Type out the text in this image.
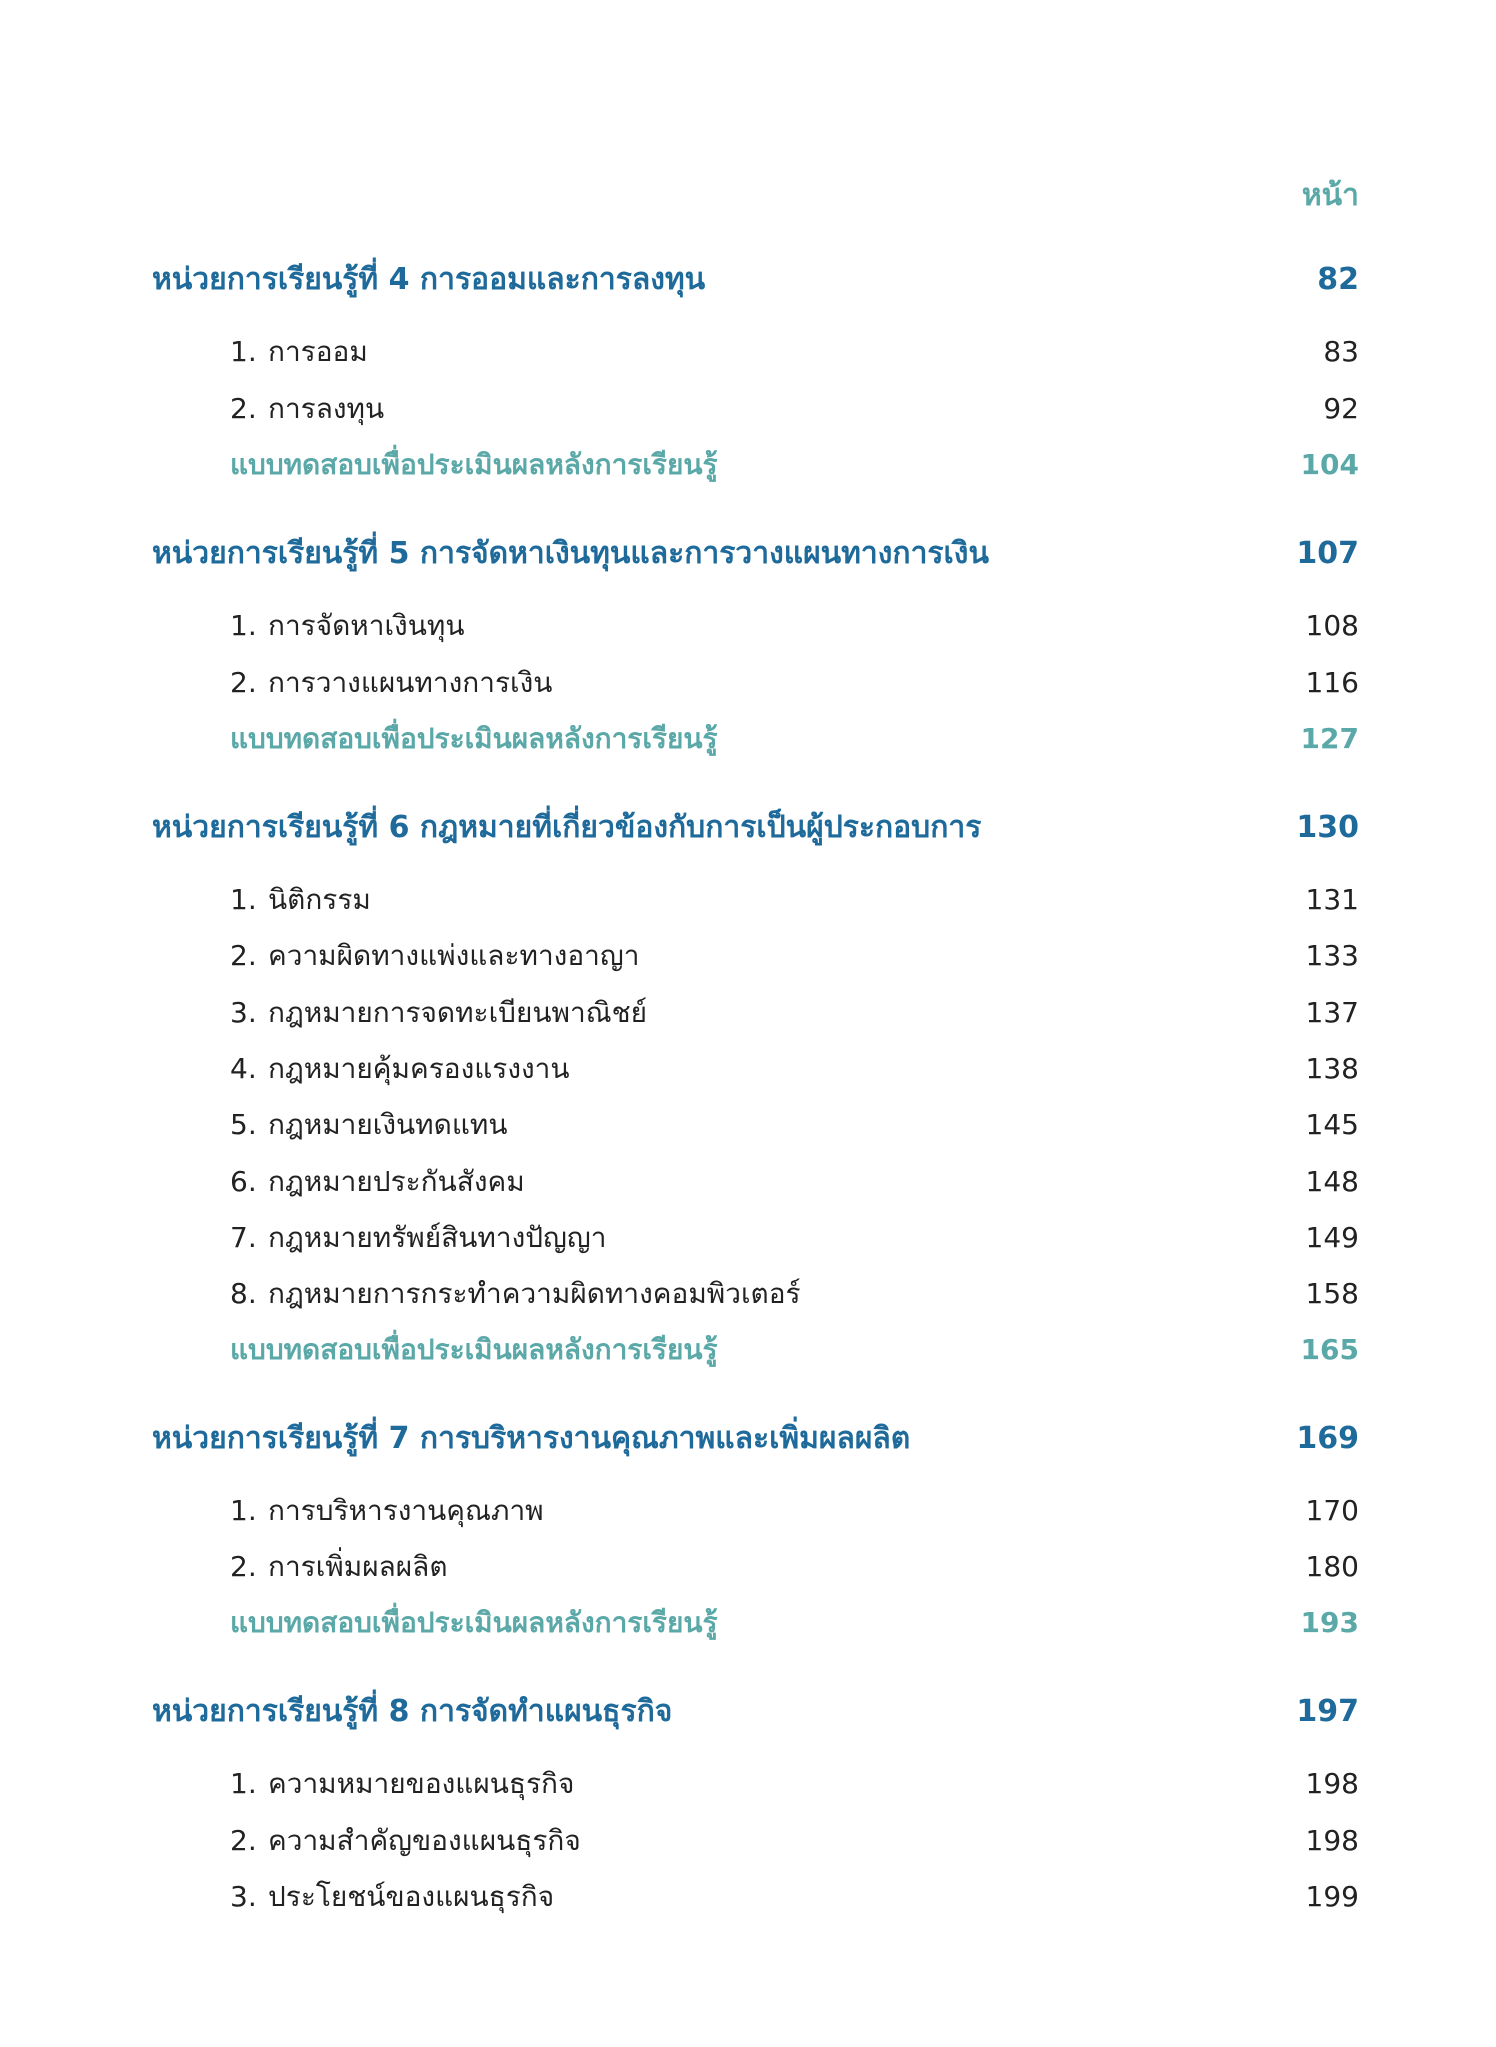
หน้า
หน่วยการเรียนรู้ที่ 4 การออมและการลงทุน	82
1. การออม	83
2. การลงทุน	92
แบบทดสอบเพื่อประเมินผลหลังการเรียนรู้	104
หน่วยการเรียนรู้ที่ 5 การจัดหาเงินทุนและการวางแผนทางการเงิน	107
1. การจัดหาเงินทุน	108
2. การวางแผนทางการเงิน	116
แบบทดสอบเพื่อประเมินผลหลังการเรียนรู้	127
หน่วยการเรียนรู้ที่ 6 กฎหมายที่เกี่ยวข้องกับการเป็นผู้ประกอบการ	130
1. นิติกรรม	131
2. ความผิดทางแพ่งและทางอาญา	133
3. กฎหมายการจดทะเบียนพาณิชย์	137
4. กฎหมายคุ้มครองแรงงาน	138
5. กฎหมายเงินทดแทน	145
6. กฎหมายประกันสังคม	148
7. กฎหมายทรัพย์สินทางปัญญา	149
8. กฎหมายการกระทำความผิดทางคอมพิวเตอร์	158
แบบทดสอบเพื่อประเมินผลหลังการเรียนรู้	165
หน่วยการเรียนรู้ที่ 7 การบริหารงานคุณภาพและเพิ่มผลผลิต	169
1. การบริหารงานคุณภาพ	170
2. การเพิ่มผลผลิต	180
แบบทดสอบเพื่อประเมินผลหลังการเรียนรู้	193
หน่วยการเรียนรู้ที่ 8 การจัดทำแผนธุรกิจ	197
1. ความหมายของแผนธุรกิจ	198
2. ความสำคัญของแผนธุรกิจ	198
3. ประโยชน์ของแผนธุรกิจ	199
